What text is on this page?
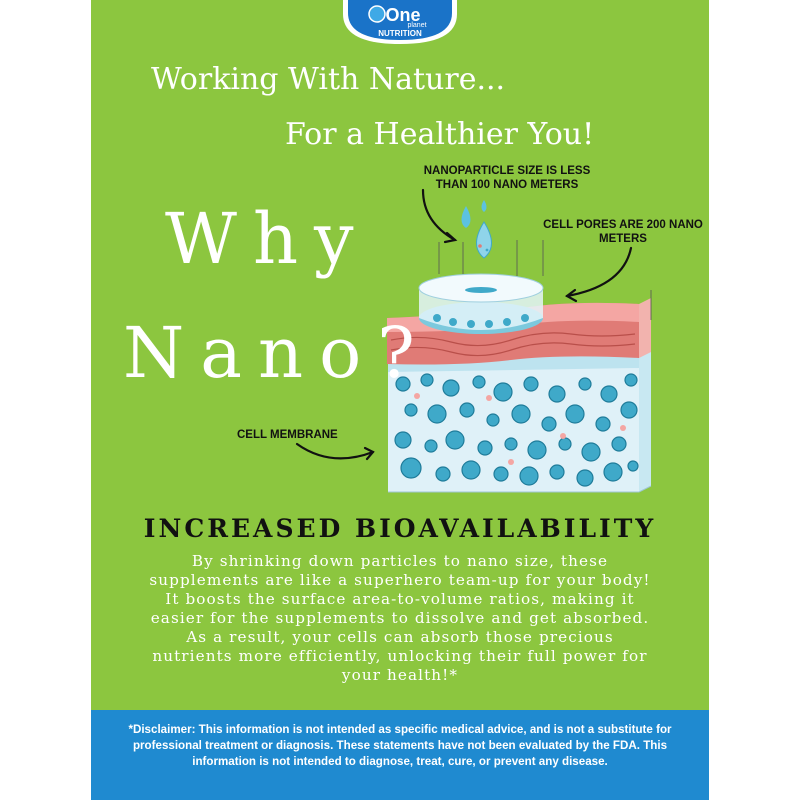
One
planet
NUTRITION
Working With Nature...
For a Healthier You!
NANOPARTICLE SIZE IS LESS
THAN 100 NANO METERS
CELL PORES ARE 200 NANO
METERS
CELL MEMBRANE
Why
Nano?
INCREASED BIOAVAILABILITY

By shrinking down particles to nano size, these supplements are like a superhero team-up for your body! It boosts the surface area-to-volume ratios, making it easier for the supplements to dissolve and get absorbed. As a result, your cells can absorb those precious nutrients more efficiently, unlocking their full power for your health!*

*Disclaimer: This information is not intended as specific medical advice, and is not a substitute for professional treatment or diagnosis. These statements have not been evaluated by the FDA. This information is not intended to diagnose, treat, cure, or prevent any disease.
